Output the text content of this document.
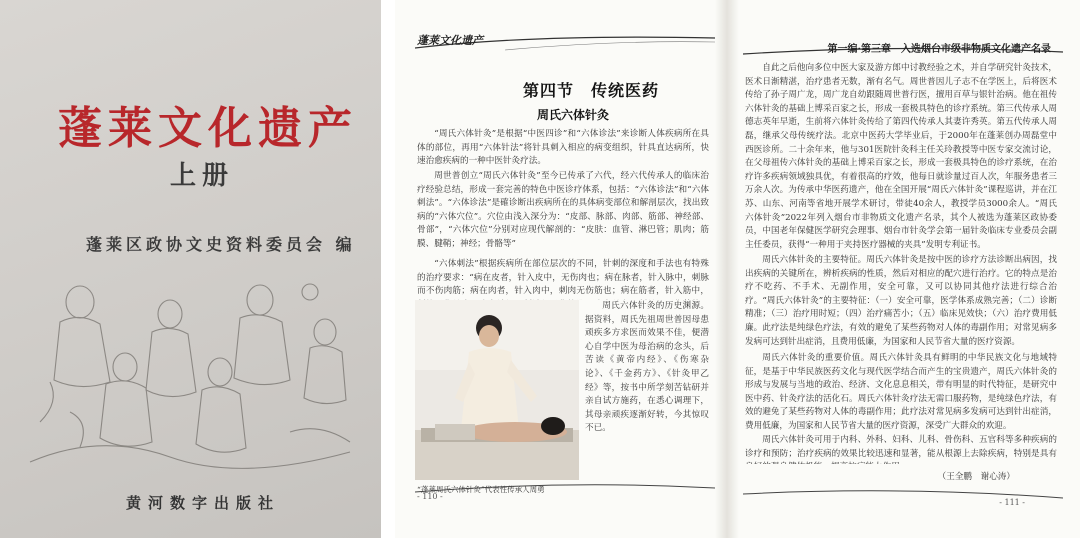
蓬莱文化遗产
上册
蓬莱区政协文史资料委员会 编
黄河数字出版社
蓬莱文化遗产
第四节　传统医药
周氏六体针灸
“周氏六体针灸”是根据“中医四诊”和“六体诊法”来诊断人体疾病所在具体的部位，再用“六体针法”将针具刺入相应的病变组织，针具直达病所，快速治愈疾病的一种中医针灸疗法。
周世普创立“周氏六体针灸”至今已传承了六代，经六代传承人的临床治疗经验总结，形成一套完善的特色中医诊疗体系，包括：“六体诊法”和“六体刺法”。“六体诊法”是確诊断出疾病所在的具体病变部位和解剖层次，找出致病的“六体穴位”。穴位由浅入深分为：“皮部、脉部、肉部、筋部、神经部、骨部”，“六体穴位”分别对应现代解剖的：“皮肤：血管、淋巴管；肌肉；筋膜、腱鞘；神经；骨骼等”
“六体刺法”根据疾病所在部位层次的不同，针刺的深度和手法也有特殊的治疗要求：“病在皮者，针入皮中，无伤肉也；病在脉者，针入脉中，刺脉而不伤肉筋；病在肉者，针入肉中，刺肉无伤筋也；病在筋者，针入筋中，
周氏六体针灸的历史渊源。据资料，周氏先祖周世普因母患顽疾多方求医而效果不佳，便潜心自学中医为母治病的念头，后苦读《黄帝内经》、《伤寒杂论》、《千金药方》、《针灸甲乙经》等，按书中所学刻苦钻研并亲自试方施药，在悉心调理下，其母亲顽疾逐渐好转，今其惊叹不已。
“蓬莱周氏六体针灸”代表性传承人周勇
- 110 -
第一编·第三章　入选烟台市级非物质文化遗产名录
自此之后他向多位中医大家及游方郎中讨教经验之术，并自学研究针灸技术，医术日渐精湛，治疗患者无数，渐有名气。周世普因儿子志不在学医上，后将医术传给了孙子周广龙，周广龙自幼跟随周世普行医，擅用百草与银针治病。他在祖传六体针灸的基础上博采百家之长，形成一套极具特色的诊疗系统。第三代传承人周德志英年早逝，生前将六体针灸传给了第四代传承人其妻许秀英。第五代传承人周磊，继承父母传统疗法。北京中医药大学毕业后，于2000年在蓬莱创办周磊堂中西医诊所。二十余年来，他与301医院针灸科主任关玲教授等中医专家交流讨论，在父母祖传六体针灸的基础上博采百家之长，形成一套极具特色的诊疗系统，在治疗许多疾病领域独具优，有着很高的疗效，他每日就诊量过百人次，年服务患者三万余人次。为传承中华医药遗产，他在全国开展“周氏六体针灸”课程巡讲，并在江苏、山东、河南等省地开展学术研讨，带徒40余人，教授学员3000余人。“周氏六体针灸”2022年列入烟台市非物质文化遗产名录，其个人被选为蓬莱区政协委员，中国老年保健医学研究会理事、烟台市针灸学会第一届针灸临床专业委员会副主任委员，获得“一种用于夹持医疗器械的夹具”发明专利证书。
周氏六体针灸的主要特征。周氏六体针灸是按中医的诊疗方法诊断出病因，找出疾病的关键所在，辨析疾病的性质，然后对相应的配穴进行治疗。它的特点是治疗不吃药、不手术、无副作用，安全可靠，又可以协同其他疗法进行综合治疗。“周氏六体针灸”的主要特征：（一）安全可靠，医学体系成熟完善；（二）诊断精准；（三）治疗用时短；（四）治疗痛苦小；（五）临床见效快；（六）治疗费用低廉。此疗法是纯绿色疗法，有效的避免了某些药物对人体的毒副作用；对常见病多发病可达到针出症消，且费用低廉，为国家和人民节省大量的医疗资源。
周氏六体针灸的重要价值。周氏六体针灸具有鲜明的中华民族文化与地域特征，是基于中华民族医药文化与现代医学结合而产生的宝贵遗产，周氏六体针灸的形成与发展与当地的政治、经济、文化息息相关，带有明显的时代特征，是研究中医中药、针灸疗法的活化石。周氏六体针灸疗法无需口服药物，是纯绿色疗法，有效的避免了某些药物对人体的毒副作用；此疗法对常见病多发病可达到针出症消，费用低廉，为国家和人民节省大量的医疗资源，深受广大群众的欢迎。
周氏六体针灸可用于内科、外科、妇科、儿科、骨伤科、五官科等多种疾病的诊疗和预防；治疗疾病的效果比较迅速和显著，能从根源上去除疾病，特别是具有
（王全鹏　谢心涛）
- 111 -
